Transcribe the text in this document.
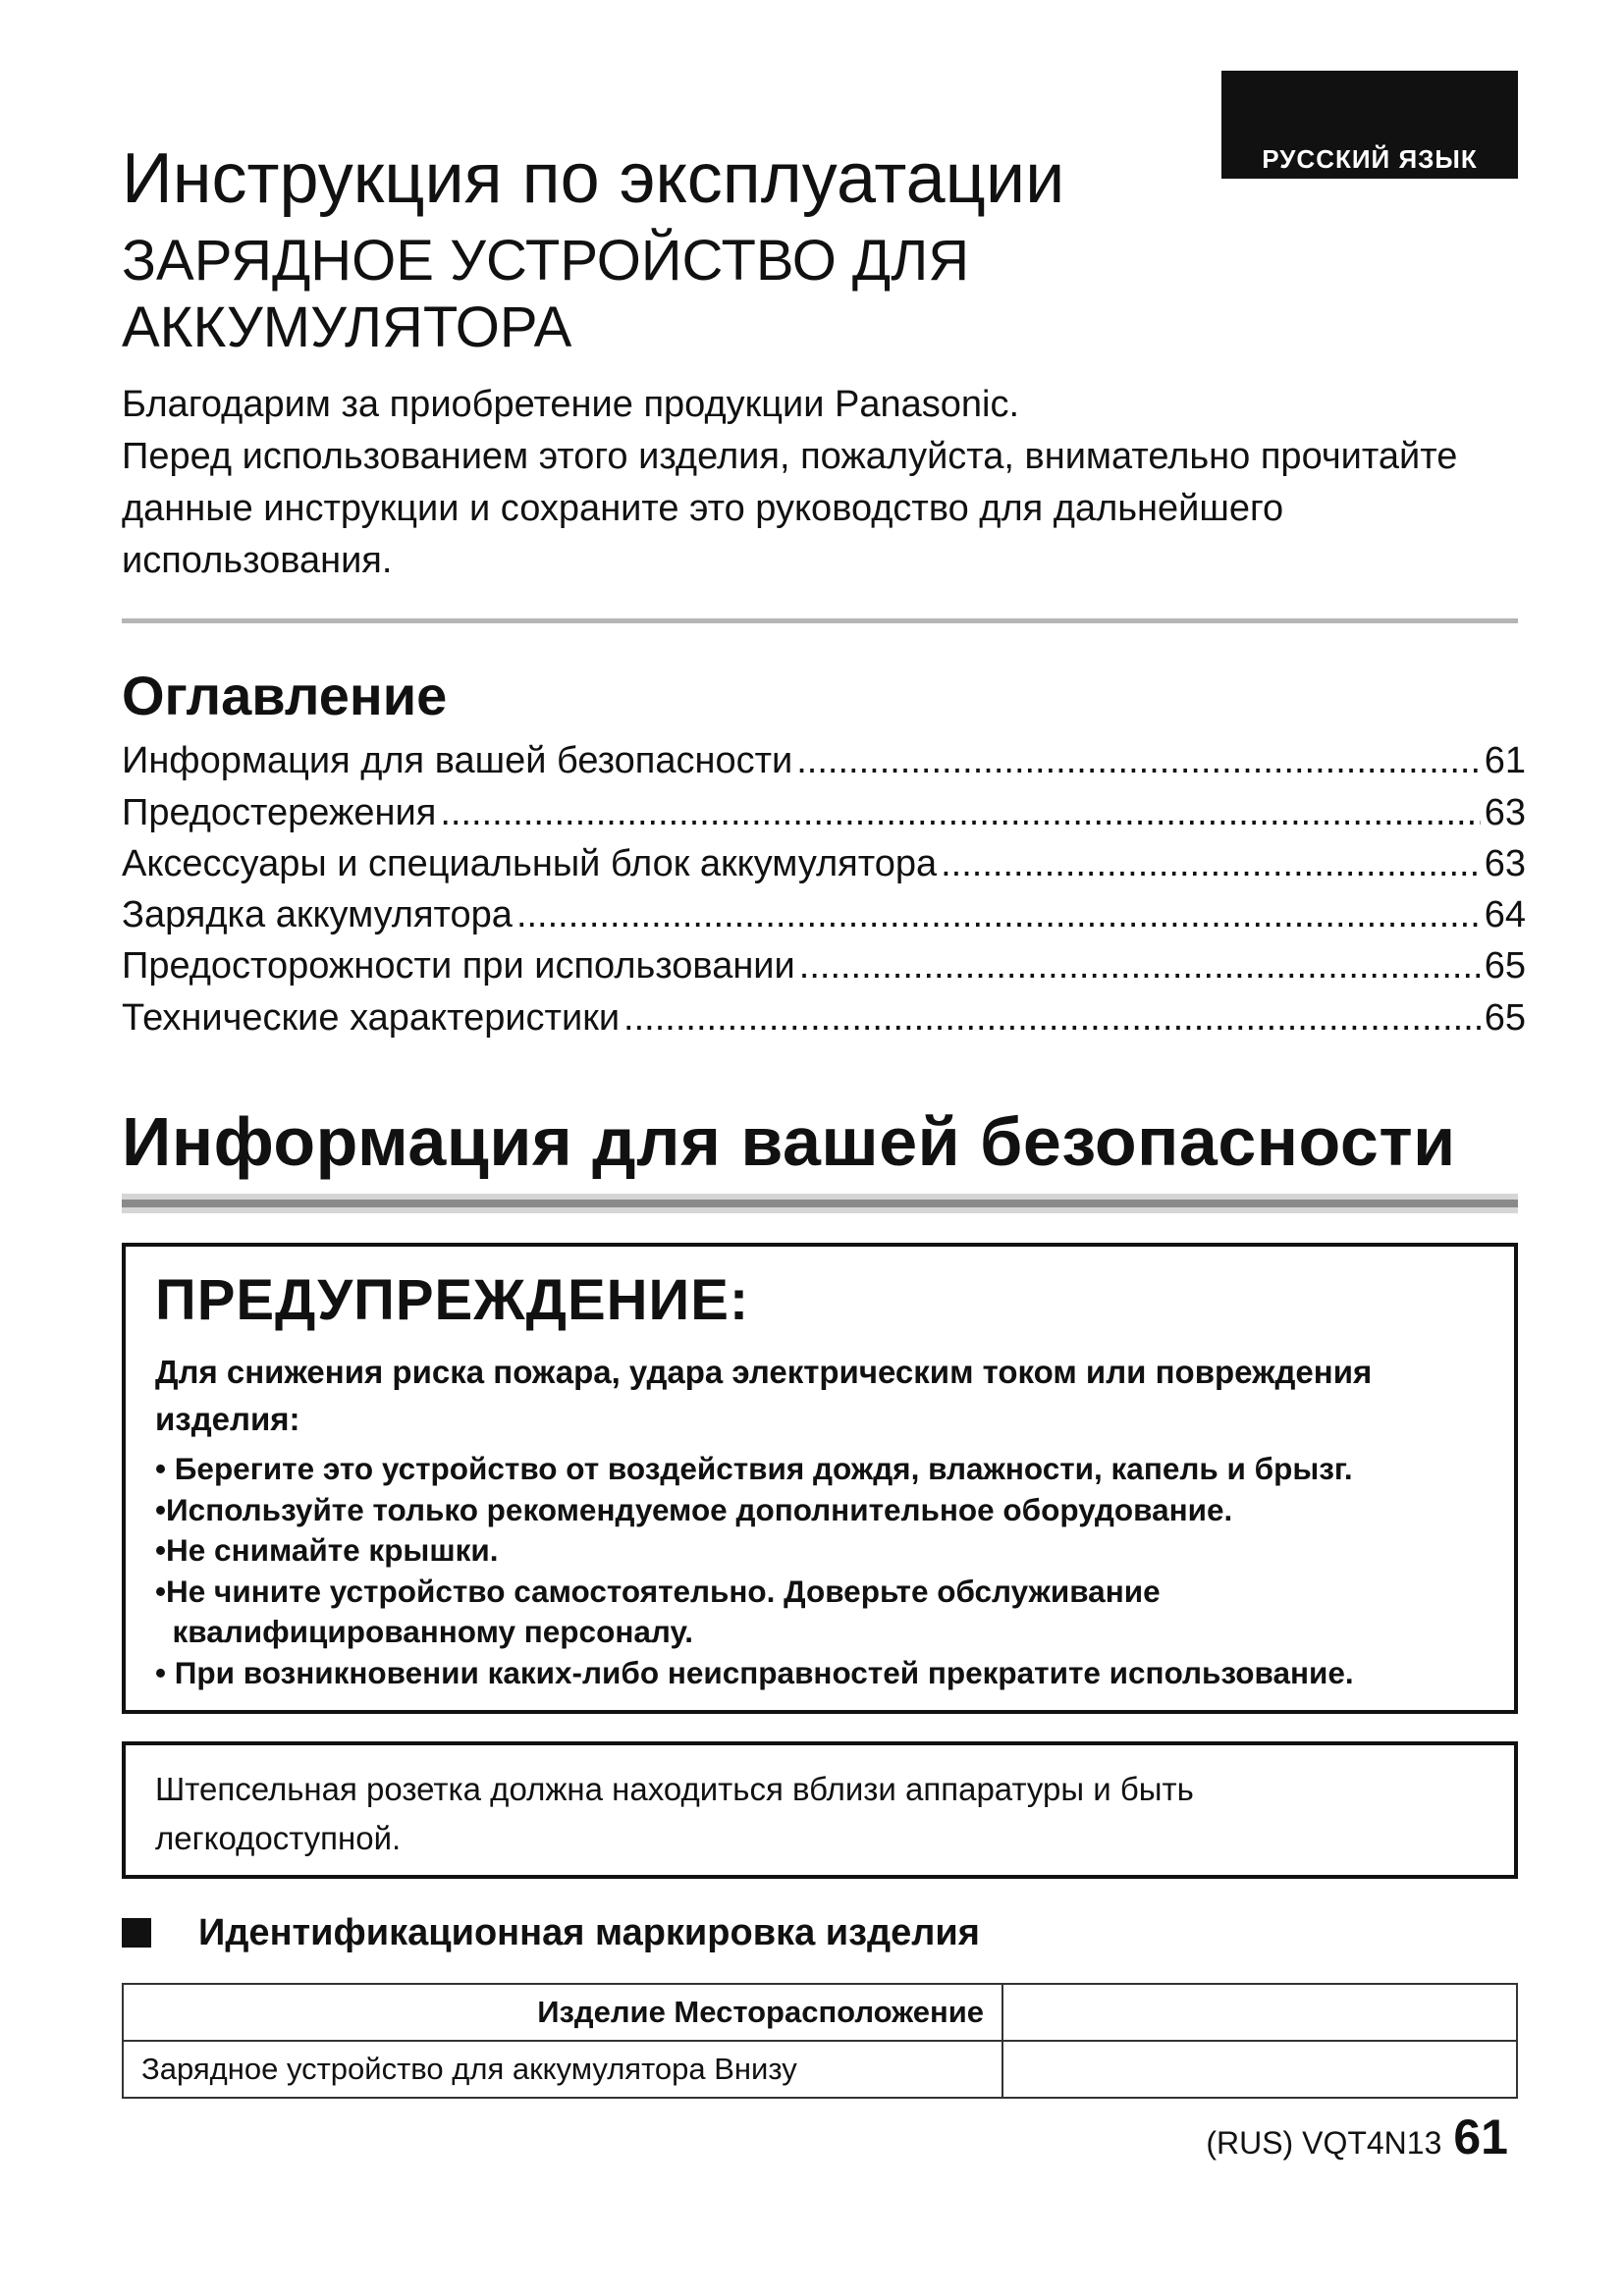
РУССКИЙ ЯЗЫК
Инструкция по эксплуатации
ЗАРЯДНОЕ УСТРОЙСТВО ДЛЯ АККУМУЛЯТОРА
Благодарим за приобретение продукции Panasonic.
Перед использованием этого изделия, пожалуйста, внимательно прочитайте данные инструкции и сохраните это руководство для дальнейшего использования.
Оглавление
Информация для вашей безопасности .....	61
Предостережения .....	63
Аксессуары и специальный блок аккумулятора .....	63
Зарядка аккумулятора .....	64
Предосторожности при использовании .....	65
Технические характеристики .....	65
Информация для вашей безопасности
ПРЕДУПРЕЖДЕНИЕ:
Для снижения риска пожара, удара электрическим током или повреждения изделия:
• Берегите это устройство от воздействия дождя, влажности, капель и брызг.
•Используйте только рекомендуемое дополнительное оборудование.
•Не снимайте крышки.
•Не чините устройство самостоятельно. Доверьте обслуживание
квалифицированному персоналу.
• При возникновении каких-либо неисправностей прекратите использование.
Штепсельная розетка должна находиться вблизи аппаратуры и быть легкодоступной.
Идентификационная маркировка изделия
Изделие Месторасположение	
Зарядное устройство для аккумулятора Внизу	
(RUS) VQT4N13 61
